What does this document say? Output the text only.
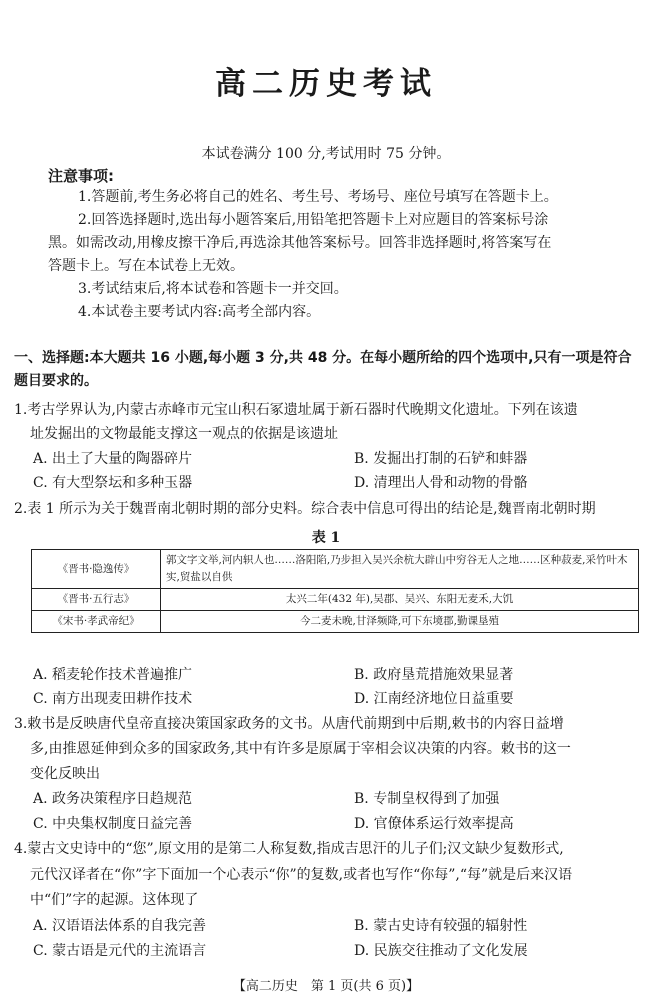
高二历史考试
本试卷满分 100 分,考试用时 75 分钟。
注意事项:
1.答题前,考生务必将自己的姓名、考生号、考场号、座位号填写在答题卡上。
2.回答选择题时,选出每小题答案后,用铅笔把答题卡上对应题目的答案标号涂
黑。如需改动,用橡皮擦干净后,再选涂其他答案标号。回答非选择题时,将答案写在
答题卡上。写在本试卷上无效。
3.考试结束后,将本试卷和答题卡一并交回。
4.本试卷主要考试内容:高考全部内容。
一、选择题:本大题共 16 小题,每小题 3 分,共 48 分。在每小题所给的四个选项中,只有一项是符合题目要求的。
1.考古学界认为,内蒙古赤峰市元宝山积石冢遗址属于新石器时代晚期文化遗址。下列在该遗
址发掘出的文物最能支撑这一观点的依据是该遗址
A. 出土了大量的陶器碎片	B. 发掘出打制的石铲和蚌器
C. 有大型祭坛和多种玉器	D. 清理出人骨和动物的骨骼
2.表 1 所示为关于魏晋南北朝时期的部分史料。综合表中信息可得出的结论是,魏晋南北朝时期
表 1
《晋书·隐逸传》	郭文字文举,河内轵人也……洛阳陷,乃步担入吴兴余杭大辟山中穷谷无人之地……区种菽麦,采竹叶木实,贸盐以自供
《晋书·五行志》	太兴二年(432 年),吴郡、吴兴、东阳无麦禾,大饥
《宋书·孝武帝纪》	今二麦未晚,甘泽频降,可下东境郡,勤课垦殖
A. 稻麦轮作技术普遍推广	B. 政府垦荒措施效果显著
C. 南方出现麦田耕作技术	D. 江南经济地位日益重要
3.敕书是反映唐代皇帝直接决策国家政务的文书。从唐代前期到中后期,敕书的内容日益增
多,由推恩延伸到众多的国家政务,其中有许多是原属于宰相会议决策的内容。敕书的这一
变化反映出
A. 政务决策程序日趋规范	B. 专制皇权得到了加强
C. 中央集权制度日益完善	D. 官僚体系运行效率提高
4.蒙古文史诗中的“您”,原文用的是第二人称复数,指成吉思汗的儿子们;汉文缺少复数形式,
元代汉译者在“你”字下面加一个心表示“你”的复数,或者也写作“你每”,“每”就是后来汉语
中“们”字的起源。这体现了
A. 汉语语法体系的自我完善	B. 蒙古史诗有较强的辐射性
C. 蒙古语是元代的主流语言	D. 民族交往推动了文化发展
【高二历史　第 1 页(共 6 页)】
